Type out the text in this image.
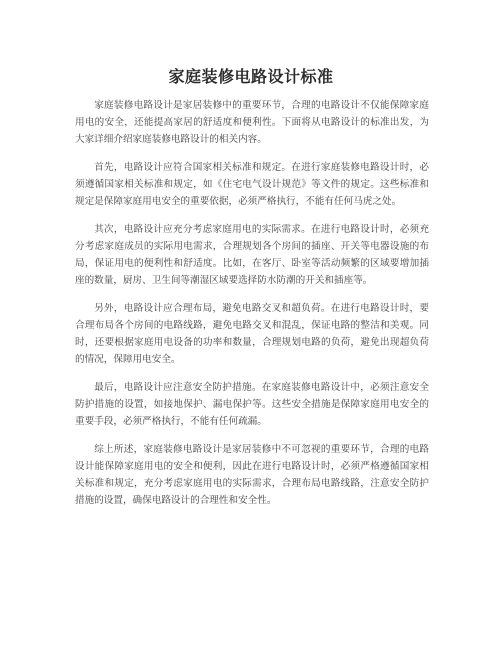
家庭装修电路设计标准

家庭装修电路设计是家居装修中的重要环节，合理的电路设计不仅能保障家庭用电的安全，还能提高家居的舒适度和便利性。下面将从电路设计的标准出发，为大家详细介绍家庭装修电路设计的相关内容。

首先，电路设计应符合国家相关标准和规定。在进行家庭装修电路设计时，必须遵循国家相关标准和规定，如《住宅电气设计规范》等文件的规定。这些标准和规定是保障家庭用电安全的重要依据，必须严格执行，不能有任何马虎之处。

其次，电路设计应充分考虑家庭用电的实际需求。在进行电路设计时，必须充分考虑家庭成员的实际用电需求，合理规划各个房间的插座、开关等电器设施的布局，保证用电的便利性和舒适度。比如，在客厅、卧室等活动频繁的区域要增加插座的数量，厨房、卫生间等潮湿区域要选择防水防潮的开关和插座等。

另外，电路设计应合理布局，避免电路交叉和超负荷。在进行电路设计时，要合理布局各个房间的电路线路，避免电路交叉和混乱，保证电路的整洁和美观。同时，还要根据家庭用电设备的功率和数量，合理规划电路的负荷，避免出现超负荷的情况，保障用电安全。

最后，电路设计应注意安全防护措施。在家庭装修电路设计中，必须注意安全防护措施的设置，如接地保护、漏电保护等。这些安全措施是保障家庭用电安全的重要手段，必须严格执行，不能有任何疏漏。

综上所述，家庭装修电路设计是家居装修中不可忽视的重要环节，合理的电路设计能保障家庭用电的安全和便利，因此在进行电路设计时，必须严格遵循国家相关标准和规定，充分考虑家庭用电的实际需求，合理布局电路线路，注意安全防护措施的设置，确保电路设计的合理性和安全性。
